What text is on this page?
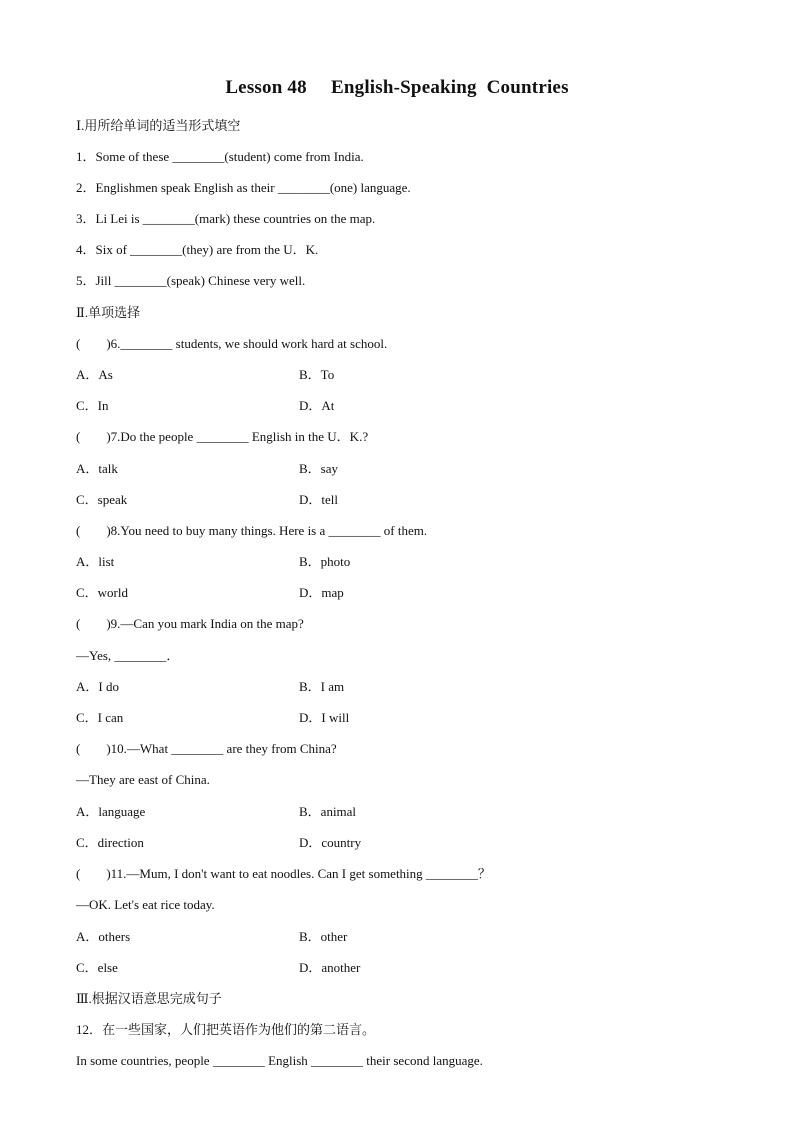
Lesson 48　 English-Speaking  Countries
Ⅰ.用所给单词的适当形式填空
1．Some of these ________(student) come from India.
2．Englishmen speak English as their ________(one) language.
3．Li Lei is ________(mark) these countries on the map.
4．Six of ________(they) are from the U．K.
5．Jill ________(speak) Chinese very well.
Ⅱ.单项选择
(　　)6.________ students, we should work hard at school.
A．As	B．To
C．In	D．At
(　　)7.Do the people ________ English in the U．K.?
A．talk	B．say
C．speak	D．tell
(　　)8.You need to buy many things. Here is a ________ of them.
A．list	B．photo
C．world	D．map
(　　)9.—Can you mark India on the map?
—Yes, ________．
A．I do	B．I am
C．I can	D．I will
(　　)10.—What ________ are they from China?
—They are east of China.
A．language	B．animal
C．direction	D．country
(　　)11.—Mum, I don't want to eat noodles. Can I get something ________？
—OK. Let's eat rice today.
A．others	B．other
C．else	D．another
Ⅲ.根据汉语意思完成句子
12．在一些国家，人们把英语作为他们的第二语言。
In some countries, people ________ English ________ their second language.
